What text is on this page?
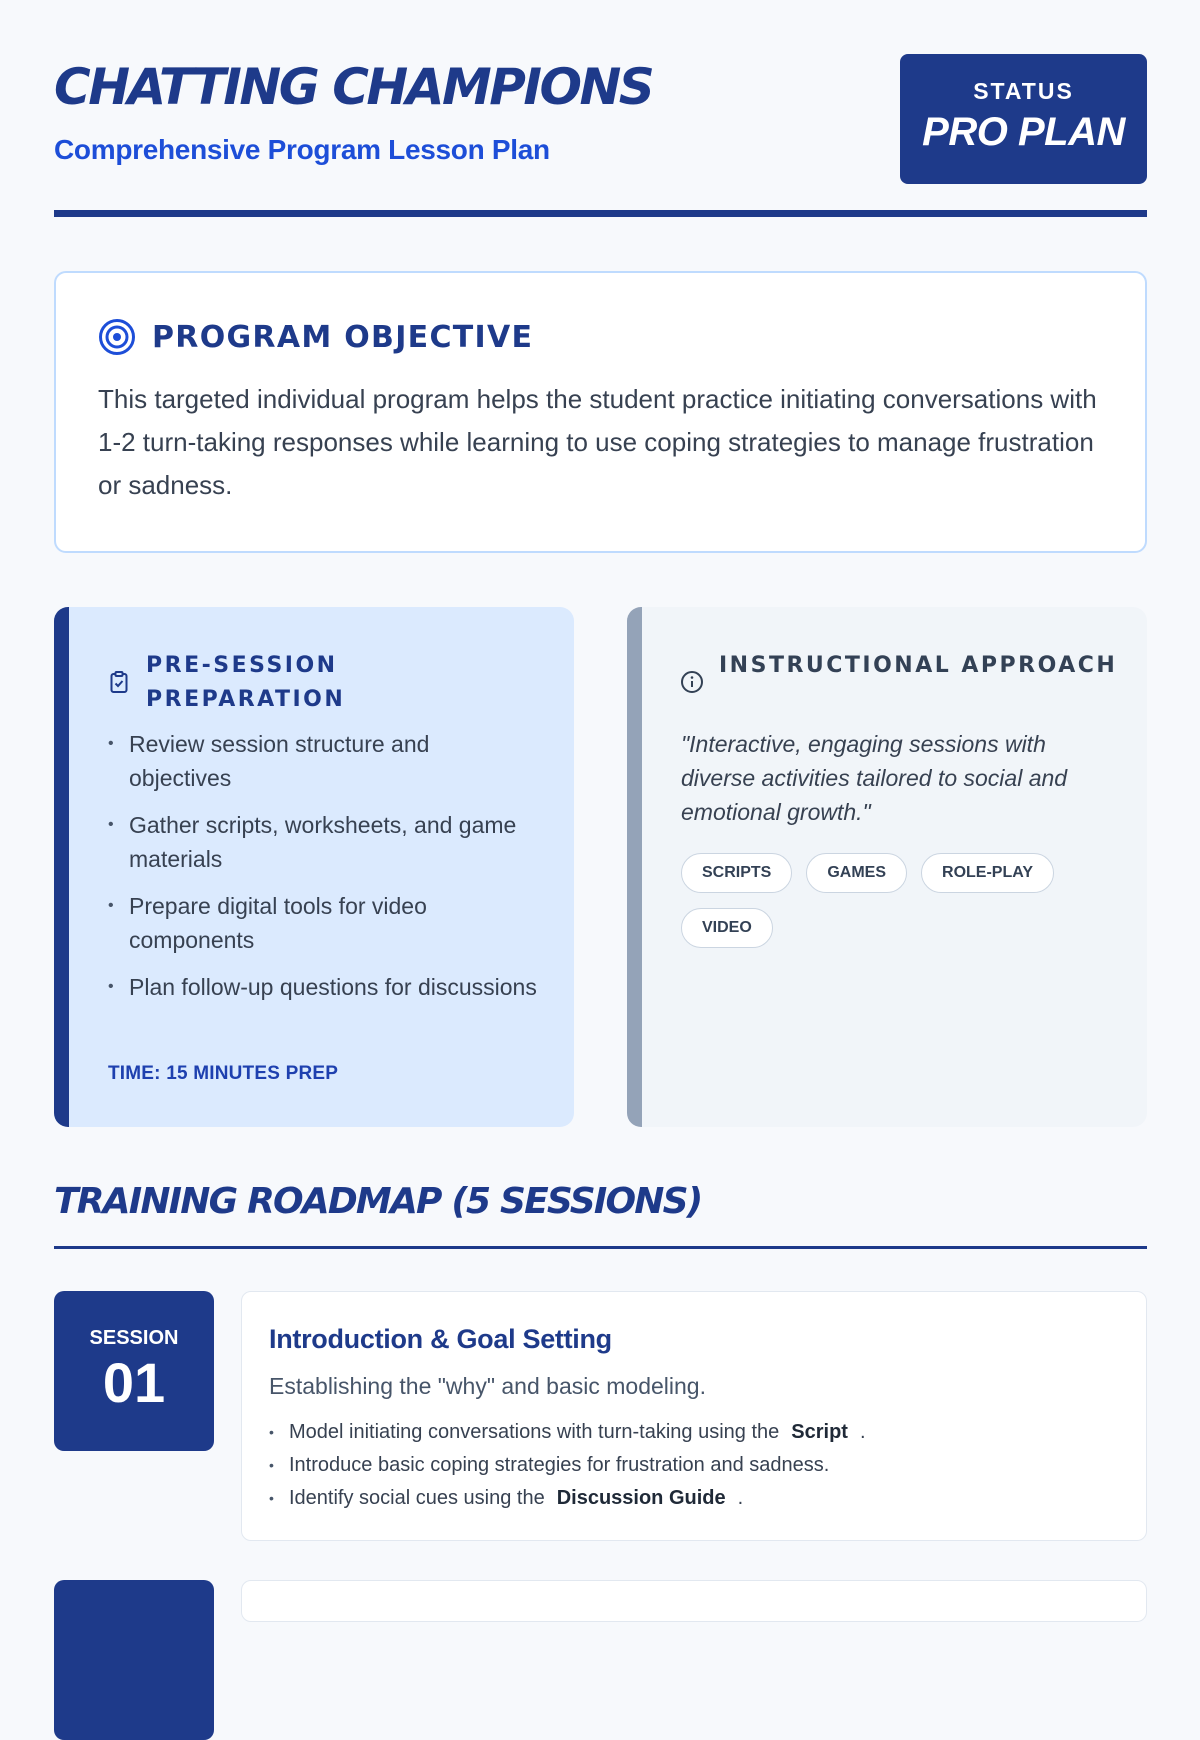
CHATTING CHAMPIONS
Comprehensive Program Lesson Plan
STATUS
PRO PLAN
PROGRAM OBJECTIVE

This targeted individual program helps the student practice initiating conversations with 1-2 turn-taking responses while learning to use coping strategies to manage frustration or sadness.

PRE-SESSION PREPARATION
• Review session structure and objectives
• Gather scripts, worksheets, and game materials
• Prepare digital tools for video components
• Plan follow-up questions for discussions
TIME: 15 MINUTES PREP
INSTRUCTIONAL APPROACH

"Interactive, engaging sessions with diverse activities tailored to social and emotional growth."

SCRIPTS	GAMES	ROLE-PLAY
VIDEO
TRAINING ROADMAP (5 SESSIONS)
SESSION
01
Introduction & Goal Setting
Establishing the "why" and basic modeling.
• Model initiating conversations with turn-taking using the Script .
• Introduce basic coping strategies for frustration and sadness.
• Identify social cues using the Discussion Guide .
